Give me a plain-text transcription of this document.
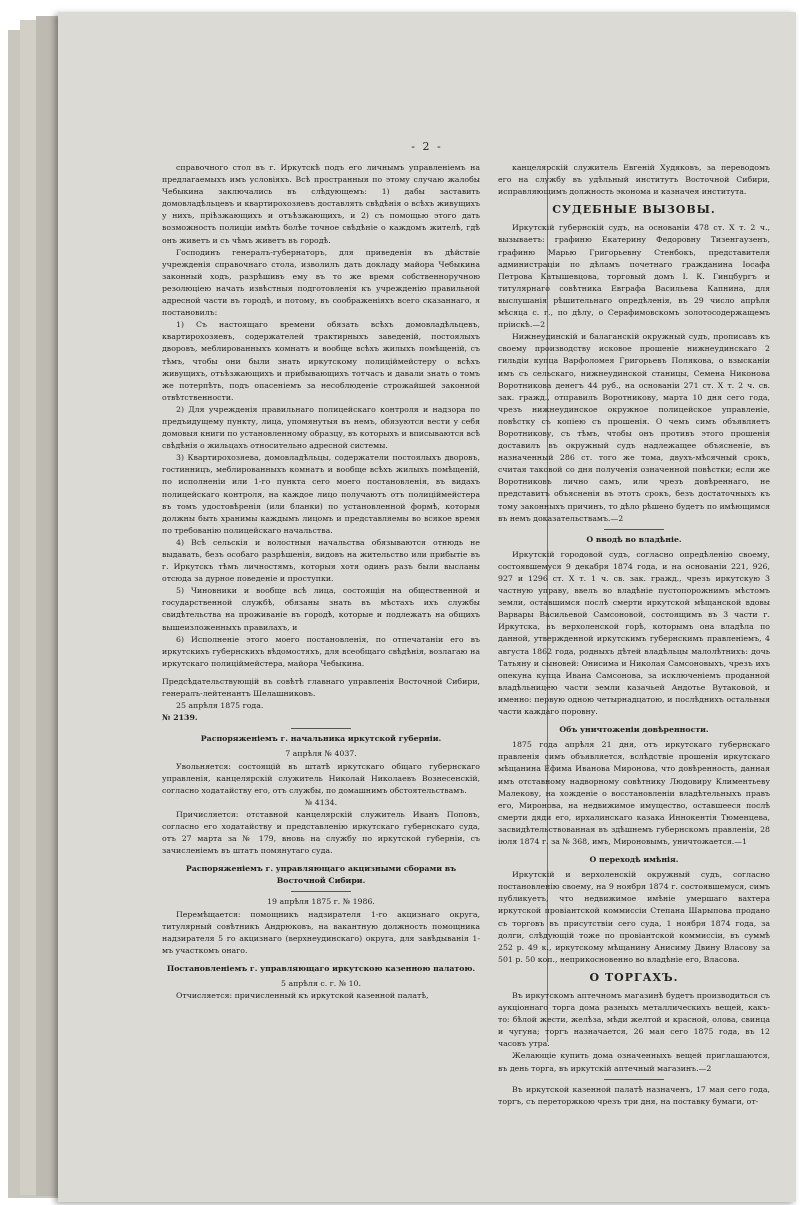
- 2 -

справочного стол въ г. Иркутскѣ подъ его личнымъ управленіемъ на предлагаемыхъ имъ условіяхъ. Всѣ пространныя по этому случаю жалобы Чебыкина заключались въ слѣдующемъ: 1) дабы заставить домовладѣльцевъ и квартирохозяевъ доставлять свѣдѣнія о всѣхъ живущихъ у нихъ, пріѣзжающихъ и отъѣзжающихъ, и 2) съ помощью этого дать возможность полиціи имѣть болѣе точное свѣдѣніе о каждомъ жителѣ, гдѣ онъ живетъ и съ чѣмъ живетъ въ городѣ.

Господинъ генералъ-губернаторъ, для приведенія въ дѣйствіе учрежденія справочнаго стола, изволилъ дать докладу майора Чебыкина законный ходъ, разрѣшивъ ему въ то же время собственноручною резолюціею начать извѣстныя подготовленія къ учрежденію правильной адресной части въ городѣ, и потому, въ соображеніяхъ всего сказаннаго, я постановилъ:

1) Съ настоящаго времени обязать всѣхъ домовладѣльцевъ, квартирохозяевъ, содержателей трактирныхъ заведеній, постоялыхъ дворовъ, меблированныхъ комнатъ и вообще всѣхъ жилыхъ помѣщеній, съ тѣмъ, чтобы они были знать иркутскому полиціймейстеру о всѣхъ живущихъ, отъѣзжающихъ и прибывающихъ тотчасъ и давали знать о томъ же потерпѣть, подъ опасеніемъ за несоблюденіе строжайшей законной отвѣтственности.

2) Для учрежденія правильнаго полицейскаго контроля и надзора по предъидущему пункту, лица, упомянутыя въ немъ, обязуются вести у себя домовыя книги по установленному образцу, въ которыхъ и вписываются всѣ свѣдѣнія о жильцахъ относительно адресной системы.

3) Квартирохозяева, домовладѣльцы, содержатели постоялыхъ дворовъ, гостинницъ, меблированныхъ комнатъ и вообще всѣхъ жилыхъ помѣщеній, по исполненіи или 1-го пункта сего моего постановленія, въ видахъ полицейскаго контроля, на каждое лицо получаютъ отъ полиціймейстера въ томъ удостовѣренія (или бланки) по установленной формѣ, которыя должны быть хранимы каждымъ лицомъ и представляемы во всякое время по требованію полицейскаго начальства.

4) Всѣ сельскія и волостныя начальства обязываются отнюдь не выдавать, безъ особаго разрѣшенія, видовъ на жительство или прибытіе въ г. Иркутскъ тѣмъ личностямъ, которыя хотя одинъ разъ были высланы отсюда за дурное поведеніе и проступки.

5) Чиновники и вообще всѣ лица, состоящія на общественной и государственной службѣ, обязаны знать въ мѣстахъ ихъ службы свидѣтельства на проживаніе въ городѣ, которые и подлежатъ на общихъ вышеизложенныхъ правилахъ, и

6) Исполненіе этого моего постановленія, по отпечатаніи его въ иркутскихъ губернскихъ вѣдомостяхъ, для всеобщаго свѣдѣнія, возлагаю на иркутскаго полиціймейстера, майора Чебыкина.

Предсѣдательствующій въ совѣтѣ главнаго управленія Восточной Сибири, генералъ-лейтенантъ Шелашниковъ.

25 апрѣля 1875 года.

№ 2139.

Распоряженіемъ г. начальника иркутской губерніи.

7 апрѣля № 4037.

Увольняется: состоящій въ штатѣ иркутскаго общаго губернскаго управленія, канцелярскій служитель Николай Николаевъ Вознесенскій, согласно ходатайству его, отъ службы, по домашнимъ обстоятельствамъ.

№ 4134.

Причисляется: отставной канцелярскій служитель Иванъ Поповъ, согласно его ходатайству и представленію иркутскаго губернскаго суда, отъ 27 марта за № 179, вновь на службу по иркутской губерніи, съ зачисленіемъ въ штатъ помянутаго суда.

Распоряженіемъ г. управляющаго акцизными сборами въ Восточной Сибири.

19 апрѣля 1875 г. № 1986.

Перемѣщается: помощникъ надзирателя 1-го акцизнаго округа, титулярный совѣтникъ Андрюковъ, на вакантную должность помощника надзирателя 5 го акцизнаго (верхнеудинскаго) округа, для завѣдыванія 1-мъ участкомъ онаго.

Постановленіемъ г. управляющаго иркутскою казенною палатою.

5 апрѣля с. г. № 10.

Отчисляется: причисленный къ иркутской казенной палатѣ,

канцелярскій служитель Евгеній Худяковъ, за переводомъ его на службу въ удѣльный институтъ Восточной Сибири, исправляющимъ должность эконома и казначея института.

СУДЕБНЫЕ ВЫЗОВЫ.

Иркутскій губернскій судъ, на основаніи 478 ст. X т. 2 ч., вызываетъ: графиню Екатерину Федоровну Тизенгаузенъ, графиню Марью Григорьевну Стенбокъ, представителя администраціи по дѣламъ почетнаго гражданина Іосафа Петрова Катышевцова, торговый домъ I. К. Гинцбургъ и титулярнаго совѣтника Евграфа Васильева Капнина, для выслушанія рѣшительнаго опредѣленія, въ 29 число апрѣля мѣсяца с. г., по дѣлу, о Серафимовскомъ золотосодержащемъ пріискѣ.—2

Нижнеудинскій и балаганскій окружный судъ, прописавъ къ своему производству исковое прошеніе нижнеудинскаго 2 гильдіи купца Варфоломея Григорьевъ Полякова, о взысканіи имъ съ сельскаго, нижнеудинской станицы, Семена Никонова Воротникова денегъ 44 руб., на основаніи 271 ст. X т. 2 ч. св. зак. гражд., отправилъ Воротникову, марта 10 дня сего года, чрезъ нижнеудинское окружное полицейское управленіе, повѣстку съ копіею съ прошенія. О чемъ симъ объявляетъ Воротникову, съ тѣмъ, чтобы онъ противъ этого прошенія доставилъ въ окружный судъ надлежащее объясненіе, въ назначенный 286 ст. того же тома, двухъ-мѣсячный срокъ, считая таковой со дня полученія означенной повѣстки; если же Воротниковъ лично самъ, или чрезъ довѣреннаго, не представитъ объясненія въ этотъ срокъ, безъ достаточныхъ къ тому законныхъ причинъ, то дѣло рѣшено будетъ по имѣющимся въ немъ доказательствамъ.—2

О вводѣ во владѣніе.

Иркутскій городовой судъ, согласно опредѣленію своему, состоявшемуся 9 декабря 1874 года, и на основаніи 221, 926, 927 и 1296 ст. X т. 1 ч. св. зак. гражд., чрезъ иркутскую 3 частную управу, ввелъ во владѣніе пустопорожнимъ мѣстомъ земли, оставшимся послѣ смерти иркутской мѣщанской вдовы Варвары Васильевой Самсоновой, состоящимъ въ 3 части г. Иркутска, въ верхоленской горѣ, которымъ она владѣла по данной, утвержденной иркутскимъ губернскимъ правленіемъ, 4 августа 1862 года, родныхъ дѣтей владѣльцы малолѣтнихъ: дочь Татьяну и сыновей: Онисима и Николая Самсоновыхъ, чрезъ ихъ опекуна купца Ивана Самсонова, за исключеніемъ проданной владѣльницею части земли казачьей Андотье Вутаковой, и именно: первую одною четырнадцатою, и послѣднихъ остальныя части каждаго поровну.

Объ уничтоженіи довѣренности.

1875 года апрѣля 21 дня, отъ иркутскаго губернскаго правленія симъ объявляется, вслѣдствіе прошенія иркутскаго мѣщанина Ефима Иванова Миронова, что довѣренность, данная имъ отставному надворному совѣтнику Людовиру Климентьеву Малекову, на хожденіе о восстановленіи владѣтельныхъ правъ его, Миронова, на недвижимое имущество, оставшееся послѣ смерти дяди его, ирхалинскаго казака Иннокентія Тюменцева, засвидѣтельствованная въ здѣшнемъ губернскомъ правленіи, 28 іюля 1874 г. за № 368, имъ, Мироновымъ, уничтожается.—1

О переходѣ имѣнія.

Иркутскій и верхоленскій окружный судъ, согласно постановленію своему, на 9 ноября 1874 г. состоявшемуся, симъ публикуетъ, что недвижимое имѣніе умершаго вахтера иркутской провіантской коммиссіи Степана Шарыпова продано съ торговъ въ присутствіи сего суда, 1 ноября 1874 года, за долги, слѣдующій тоже по провіантской коммиссіи, въ суммѣ 252 р. 49 к., иркутскому мѣщанину Анисиму Двину Власову за 501 р. 50 коп., неприкосновенно во владѣніе его, Власова.

О ТОРГАХЪ.

Въ иркутскомъ аптечномъ магазинѣ будетъ производиться съ аукціоннаго торга дома разныхъ металлическихъ вещей, какъ-то: бѣлой жести, желѣза, мѣди желтой и красной, олова, свинца и чугуна; торгъ назначается, 26 мая сего 1875 года, въ 12 часовъ утра.

Желающіе купить дома означенныхъ вещей приглашаются, въ день торга, въ иркутскій аптечный магазинъ.—2

Въ иркутской казенной палатѣ назначенъ, 17 мая сего года, торгъ, съ переторжкою чрезъ три дня, на поставку бумаги, от-
